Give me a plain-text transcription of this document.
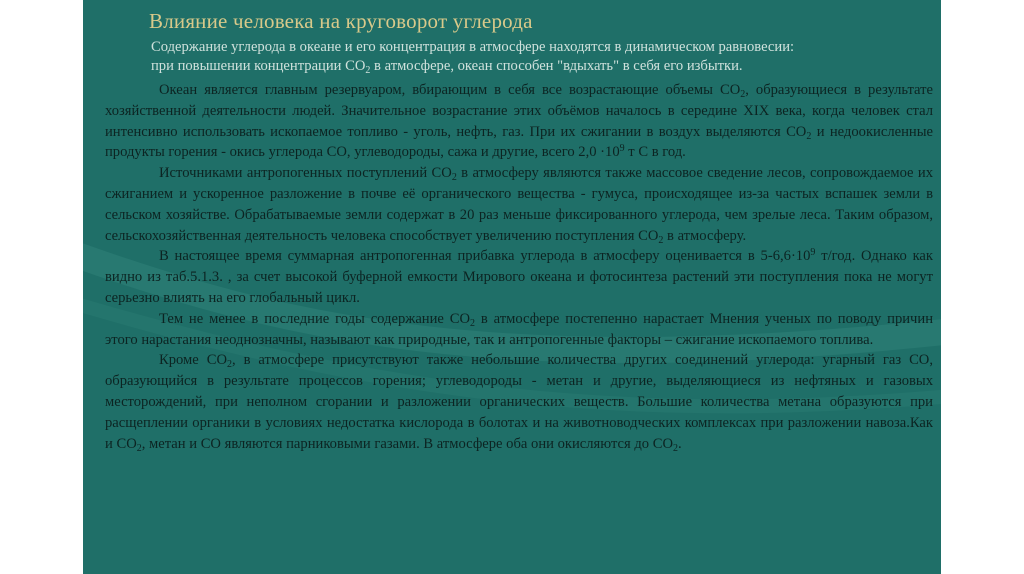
Влияние человека на круговорот углерода

Содержание углерода в океане и его концентрация в атмосфере находятся в динамическом равновесии:

при повышении концентрации $СО_2$ в атмосфере, океан способен "вдыхать" в себя его избытки.

Океан является главным резервуаром, вбирающим в себя все возрастающие объемы $СО_2$, образующиеся в результате хозяйственной деятельности людей. Значительное возрастание этих объёмов началось в середине XIX века, когда человек стал интенсивно использовать ископаемое топливо - уголь, нефть, газ. При их сжигании в воздух выделяются $СО_2$ и недоокисленные продукты горения - окись углерода СО, углеводороды, сажа и другие, всего $2,0 \cdot 10^9$ т С в год.

Источниками антропогенных поступлений $СО_2$ в атмосферу являются также массовое сведение лесов, сопровождаемое их сжиганием и ускоренное разложение в почве её органического вещества - гумуса, происходящее из-за частых вспашек земли в сельском хозяйстве. Обрабатываемые земли содержат в 20 раз меньше фиксированного углерода, чем зрелые леса. Таким образом, сельскохозяйственная деятельность человека способствует увеличению поступления $СО_2$ в атмосферу.

В настоящее время суммарная антропогенная прибавка углерода в атмосферу оценивается в $5-6,6\cdot 10^9$ т/год. Однако как видно из таб.5.1.3. , за счет высокой буферной емкости Мирового океана и фотосинтеза растений эти поступления пока не могут серьезно влиять на его глобальный цикл.

Тем не менее в последние годы содержание $СО_2$ в атмосфере постепенно нарастает Мнения ученых по поводу причин этого нарастания неоднозначны, называют как природные, так и антропогенные факторы – сжигание ископаемого топлива.

Кроме $СО_2$, в атмосфере присутствуют также небольшие количества других соединений углерода: угарный газ СО, образующийся в результате процессов горения; углеводороды - метан и другие, выделяющиеся из нефтяных и газовых месторождений, при неполном сгорании и разложении органических веществ. Большие количества метана образуются при расщеплении органики в условиях недостатка кислорода в болотах и на животноводческих комплексах при разложении навоза.Как и $СО_2$, метан и СО являются парниковыми газами. В атмосфере оба они окисляются до $СО_2$.
